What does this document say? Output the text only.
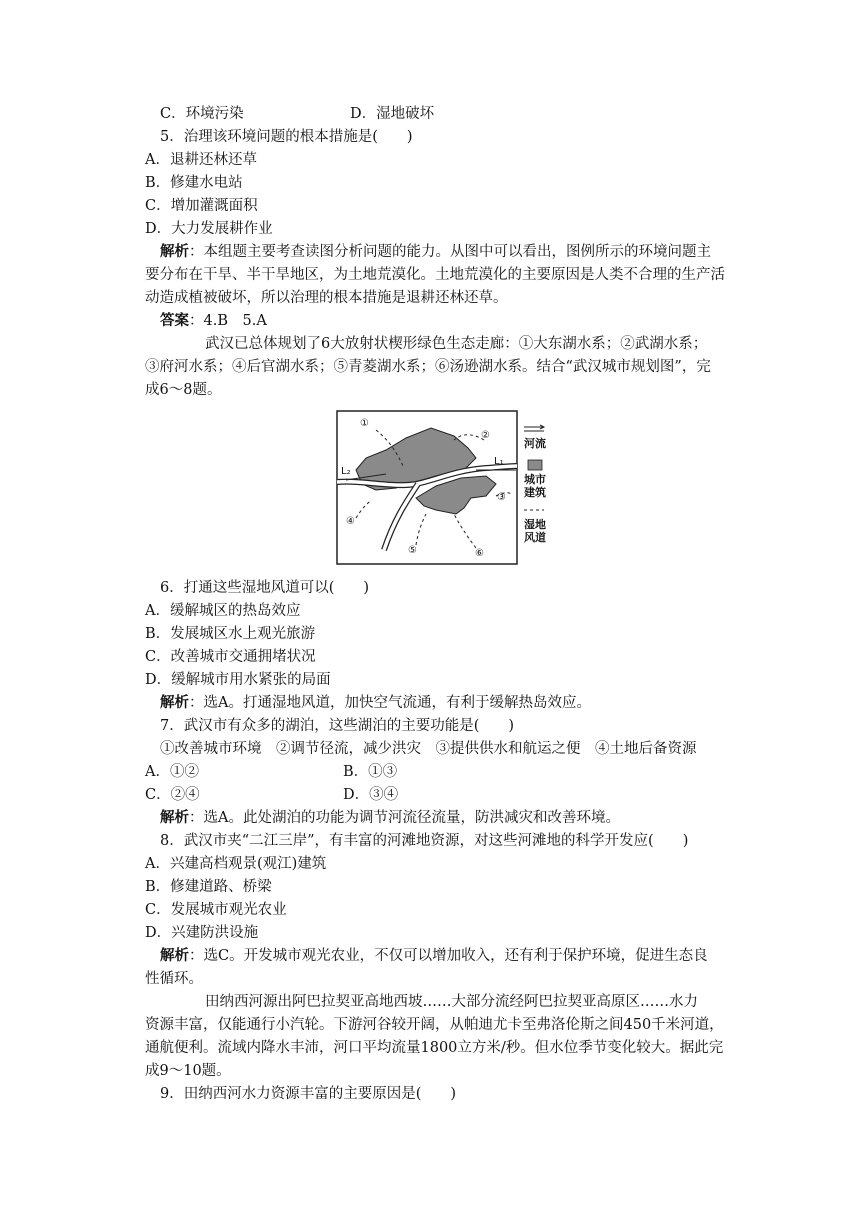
C．环境污染	D．湿地破坏
5．治理该环境问题的根本措施是(　　)
A．退耕还林还草
B．修建水电站
C．增加灌溉面积
D．大力发展耕作业
解析：本组题主要考查读图分析问题的能力。从图中可以看出，图例所示的环境问题主
要分布在干旱、半干旱地区，为土地荒漠化。土地荒漠化的主要原因是人类不合理的生产活
动造成植被破坏，所以治理的根本措施是退耕还林还草。
答案：4.B　5.A
武汉已总体规划了6大放射状楔形绿色生态走廊：①大东湖水系；②武湖水系；
③府河水系；④后官湖水系；⑤青菱湖水系；⑥汤逊湖水系。结合“武汉城市规划图”，完
成6～8题。
①
②
③
④
⑤	⑥
L₂
L₁
河流
城市
建筑
湿地
风道
6．打通这些湿地风道可以(　　)
A．缓解城区的热岛效应
B．发展城区水上观光旅游
C．改善城市交通拥堵状况
D．缓解城市用水紧张的局面
解析：选A。打通湿地风道，加快空气流通，有利于缓解热岛效应。
7．武汉市有众多的湖泊，这些湖泊的主要功能是(　　)
①改善城市环境　②调节径流，减少洪灾　③提供供水和航运之便　④土地后备资源
A．①②	B．①③
C．②④	D．③④
解析：选A。此处湖泊的功能为调节河流径流量，防洪减灾和改善环境。
8．武汉市夹“二江三岸”，有丰富的河滩地资源，对这些河滩地的科学开发应(　　)
A．兴建高档观景(观江)建筑
B．修建道路、桥梁
C．发展城市观光农业
D．兴建防洪设施
解析：选C。开发城市观光农业，不仅可以增加收入，还有利于保护环境，促进生态良
性循环。
田纳西河源出阿巴拉契亚高地西坡……大部分流经阿巴拉契亚高原区……水力
资源丰富，仅能通行小汽轮。下游河谷较开阔，从帕迪尤卡至弗洛伦斯之间450千米河道，
通航便利。流域内降水丰沛，河口平均流量1800立方米/秒。但水位季节变化较大。据此完
成9～10题。
9．田纳西河水力资源丰富的主要原因是(　　)
